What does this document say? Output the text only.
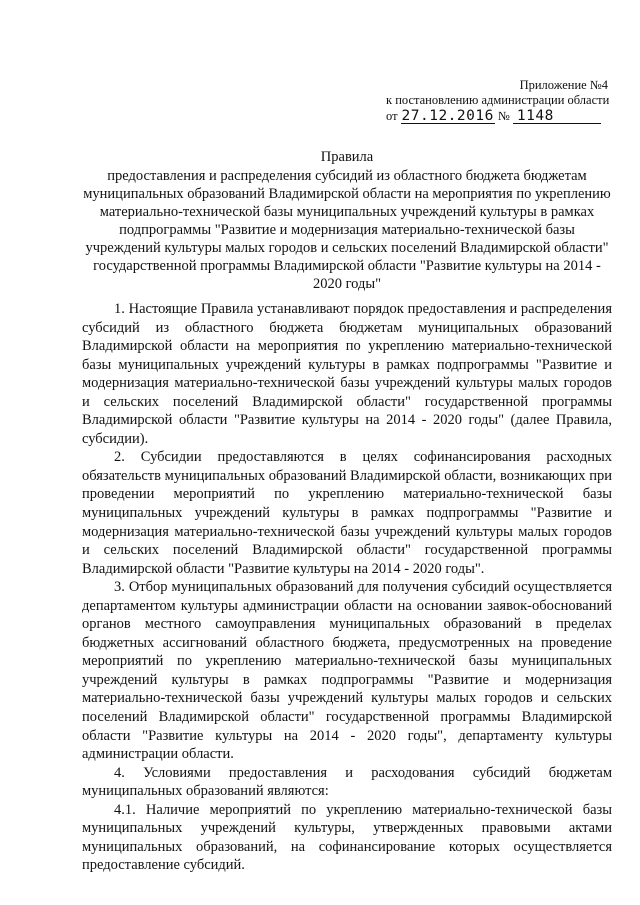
Приложение №4
к постановлению администрации области
от 27.12.2016 № 1148
Правила
предоставления и распределения субсидий из областного бюджета бюджетам муниципальных образований Владимирской области на мероприятия по укреплению материально-технической базы муниципальных учреждений культуры в рамках подпрограммы "Развитие и модернизация материально-технической базы учреждений культуры малых городов и сельских поселений Владимирской области" государственной программы Владимирской области "Развитие культуры на 2014 - 2020 годы"

1. Настоящие Правила устанавливают порядок предоставления и распределения субсидий из областного бюджета бюджетам муниципальных образований Владимирской области на мероприятия по укреплению материально-технической базы муниципальных учреждений культуры в рамках подпрограммы "Развитие и модернизация материально-технической базы учреждений культуры малых городов и сельских поселений Владимирской области" государственной программы Владимирской области "Развитие культуры на 2014 - 2020 годы" (далее Правила, субсидии).

2. Субсидии предоставляются в целях софинансирования расходных обязательств муниципальных образований Владимирской области, возникающих при проведении мероприятий по укреплению материально-технической базы муниципальных учреждений культуры в рамках подпрограммы "Развитие и модернизация материально-технической базы учреждений культуры малых городов и сельских поселений Владимирской области" государственной программы Владимирской области "Развитие культуры на 2014 - 2020 годы".

3. Отбор муниципальных образований для получения субсидий осуществляется департаментом культуры администрации области на основании заявок-обоснований органов местного самоуправления муниципальных образований в пределах бюджетных ассигнований областного бюджета, предусмотренных на проведение мероприятий по укреплению материально-технической базы муниципальных учреждений культуры в рамках подпрограммы "Развитие и модернизация материально-технической базы учреждений культуры малых городов и сельских поселений Владимирской области" государственной программы Владимирской области "Развитие культуры на 2014 - 2020 годы", департаменту культуры администрации области.

4. Условиями предоставления и расходования субсидий бюджетам муниципальных образований являются:

4.1. Наличие мероприятий по укреплению материально-технической базы муниципальных учреждений культуры, утвержденных правовыми актами муниципальных образований, на софинансирование которых осуществляется предоставление субсидий.
